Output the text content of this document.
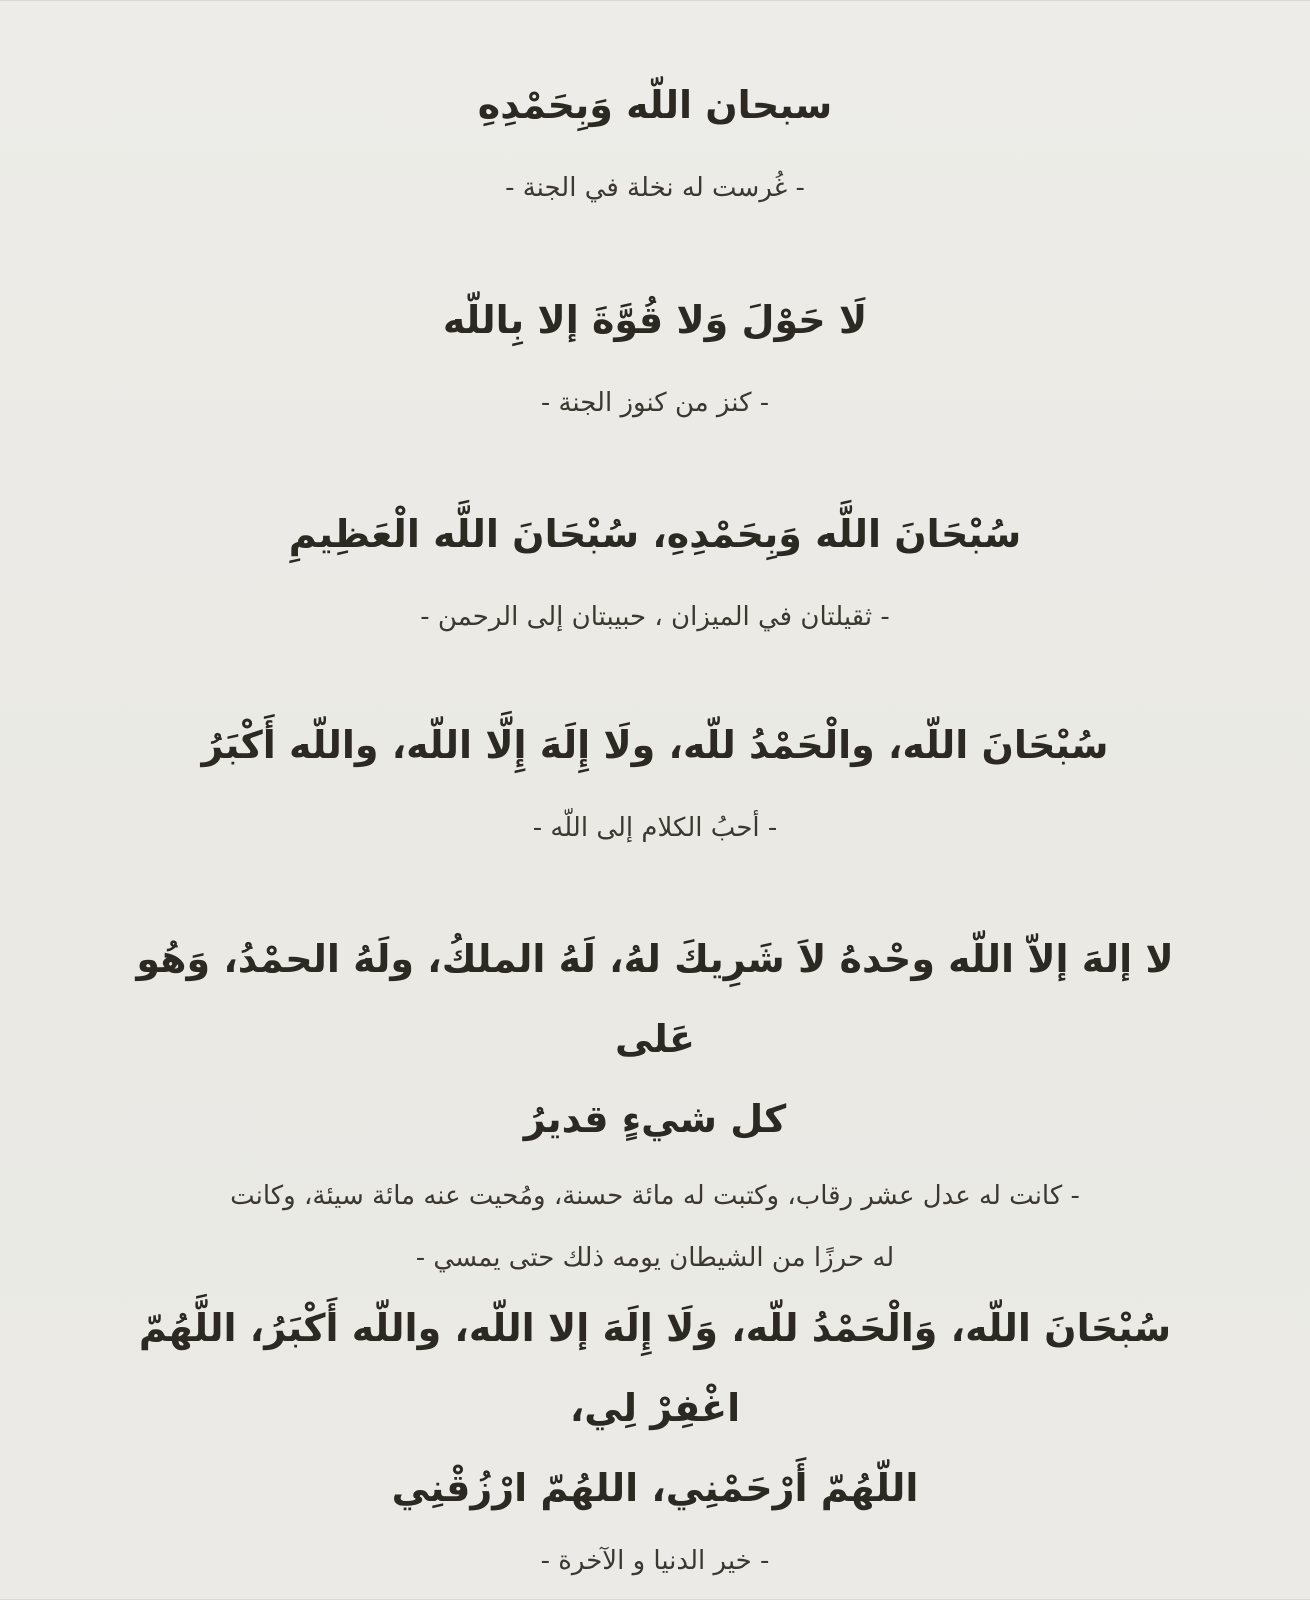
سبحان اللّه وَبِحَمْدِهِ

- غُرست له نخلة في الجنة -

لَا حَوْلَ وَلا قُوَّةَ إلا بِاللّه

- كنز من كنوز الجنة -

سُبْحَانَ اللَّه وَبِحَمْدِهِ، سُبْحَانَ اللَّه الْعَظِيمِ

- ثقيلتان في الميزان ، حبيبتان إلى الرحمن -

سُبْحَانَ اللّه، والْحَمْدُ للّه، ولَا إِلَهَ إِلَّا اللّه، واللّه أَكْبَرُ

- أحبُ الكلام إلى اللّه -

لا إلهَ إلاّ اللّه وحْدهُ لاَ شَرِيكَ لهُ، لَهُ الملكُ، ولَهُ الحمْدُ، وَهُو عَلى

كل شيءٍ قديرُ

- كانت له عدل عشر رقاب، وكتبت له مائة حسنة، ومُحيت عنه مائة سيئة، وكانت

له حرزًا من الشيطان يومه ذلك حتى يمسي -

سُبْحَانَ اللّه، وَالْحَمْدُ للّه، وَلَا إِلَهَ إلا اللّه، واللّه أَكْبَرُ، اللَّهُمّ اغْفِرْ لِي،

اللّهُمّ أَرْحَمْنِي، اللهُمّ ارْزُقْنِي

- خير الدنيا و الآخرة -
